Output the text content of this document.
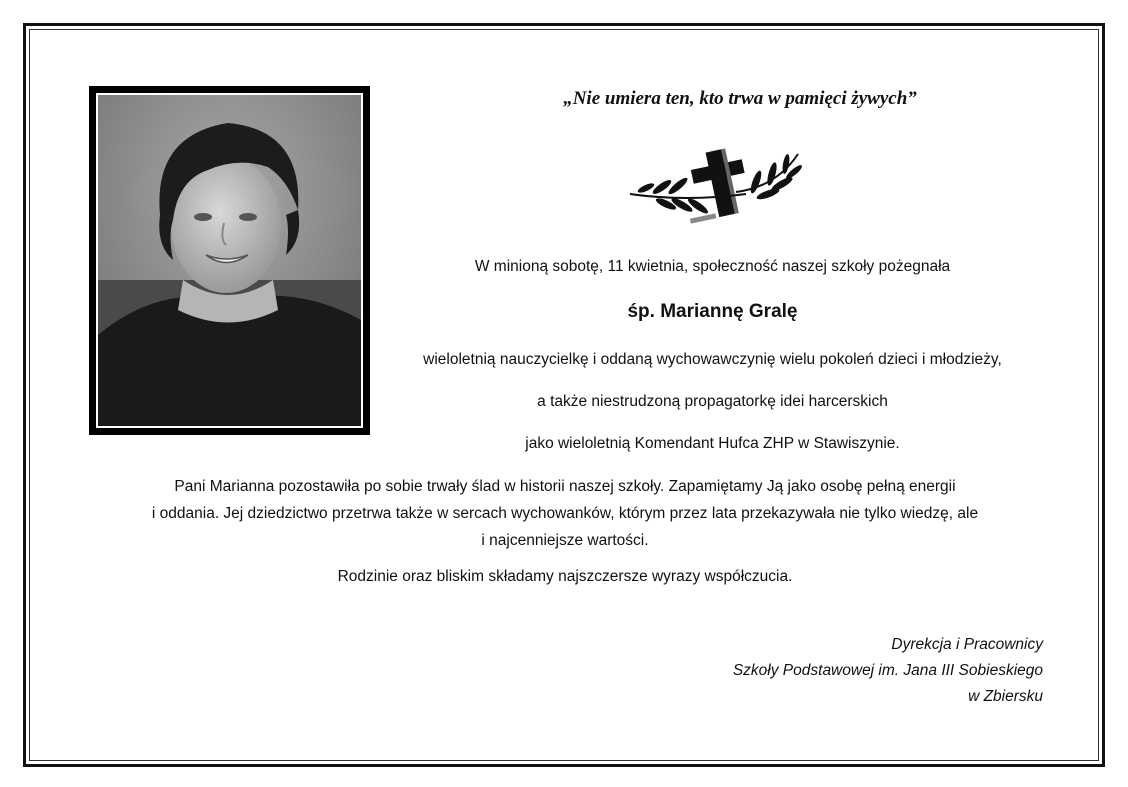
„Nie umiera ten, kto trwa w pamięci żywych”
W minioną sobotę, 11 kwietnia, społeczność naszej szkoły pożegnała
śp. Mariannę Gralę
wieloletnią nauczycielkę i oddaną wychowawczynię wielu pokoleń dzieci i młodzieży,
a także niestrudzoną propagatorkę idei harcerskich
jako wieloletnią Komendant Hufca ZHP w Stawiszynie.
Pani Marianna pozostawiła po sobie trwały ślad w historii naszej szkoły. Zapamiętamy Ją jako osobę pełną energii
i oddania. Jej dziedzictwo przetrwa także w sercach wychowanków, którym przez lata przekazywała nie tylko wiedzę, ale
i najcenniejsze wartości.
Rodzinie oraz bliskim składamy najszczersze wyrazy współczucia.
Dyrekcja i Pracownicy
Szkoły Podstawowej im. Jana III Sobieskiego
w Zbiersku
